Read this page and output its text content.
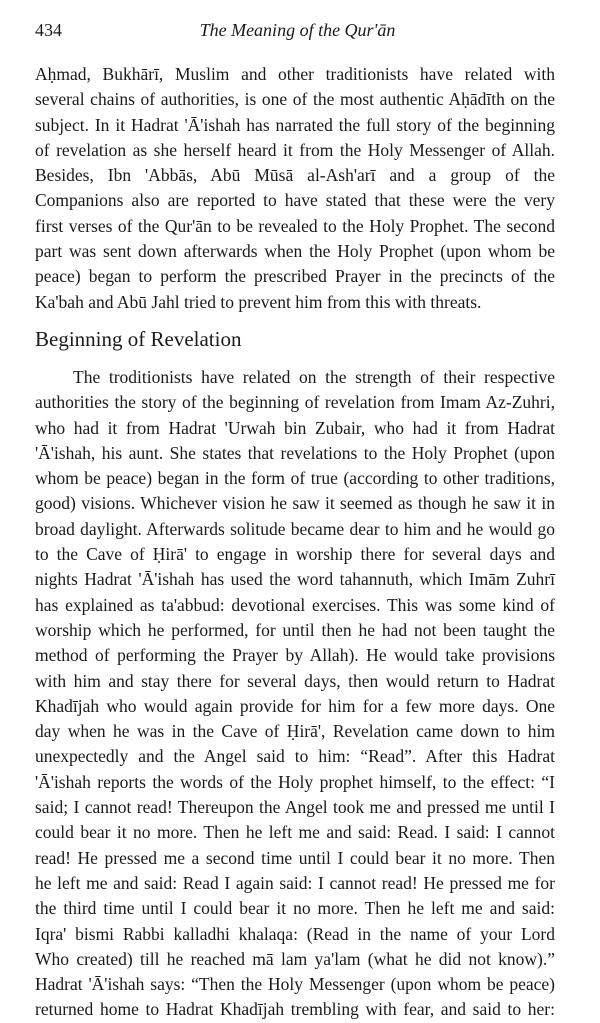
434	The Meaning of the Qur'ān

Aḥmad, Bukhārī, Muslim and other traditionists have related with
several chains of authorities, is one of the most authentic Aḥādīth on the
subject. In it Hadrat 'Ā'ishah has narrated the full story of the beginning
of revelation as she herself heard it from the Holy Messenger of Allah.
Besides, Ibn 'Abbās, Abū Mūsā al-Ash'arī and a group of the
Companions also are reported to have stated that these were the very
first verses of the Qur'ān to be revealed to the Holy Prophet. The second
part was sent down afterwards when the Holy Prophet (upon whom be
peace) began to perform the prescribed Prayer in the precincts of the
Ka'bah and Abū Jahl tried to prevent him from this with threats.

Beginning of Revelation

The troditionists have related on the strength of their respective
authorities the story of the beginning of revelation from Imam Az-Zuhri,
who had it from Hadrat 'Urwah bin Zubair, who had it from Hadrat
'Ā'ishah, his aunt. She states that revelations to the Holy Prophet (upon
whom be peace) began in the form of true (according to other traditions,
good) visions. Whichever vision he saw it seemed as though he saw it in
broad daylight. Afterwards solitude became dear to him and he would go
to the Cave of Ḥirā' to engage in worship there for several days and
nights Hadrat 'Ā'ishah has used the word tahannuth, which Imām Zuhrī
has explained as ta'abbud: devotional exercises. This was some kind of
worship which he performed, for until then he had not been taught the
method of performing the Prayer by Allah). He would take provisions
with him and stay there for several days, then would return to Hadrat
Khadījah who would again provide for him for a few more days. One
day when he was in the Cave of Ḥirā', Revelation came down to him
unexpectedly and the Angel said to him: “Read”. After this Hadrat
'Ā'ishah reports the words of the Holy prophet himself, to the effect: “I
said; I cannot read! Thereupon the Angel took me and pressed me until I
could bear it no more. Then he left me and said: Read. I said: I cannot
read! He pressed me a second time until I could bear it no more. Then
he left me and said: Read I again said: I cannot read! He pressed me for
the third time until I could bear it no more. Then he left me and said:
Iqra' bismi Rabbi kalladhi khalaqa: (Read in the name of your Lord
Who created) till he reached mā lam ya'lam (what he did not know).”
Hadrat 'Ā'ishah says: “Then the Holy Messenger (upon whom be peace)
returned home to Hadrat Khadījah trembling with fear, and said to her:
